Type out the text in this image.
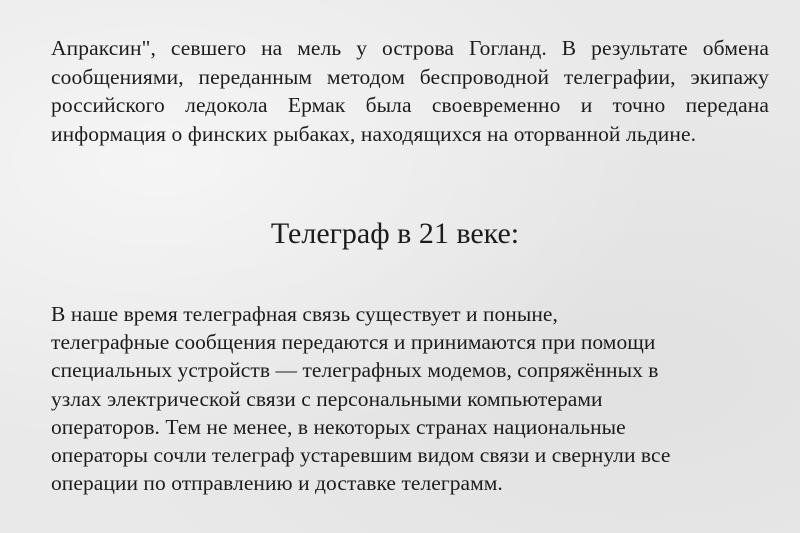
Апраксин", севшего на мель у острова Гогланд. В результате обмена сообщениями, переданным методом беспроводной телеграфии, экипажу российского ледокола Ермак была своевременно и точно передана информация о финских рыбаках, находящихся на оторванной льдине.

Телеграф в 21 веке:

В наше время телеграфная связь существует и поныне,
телеграфные сообщения передаются и принимаются при помощи
специальных устройств — телеграфных модемов, сопряжённых в
узлах электрической связи с персональными компьютерами
операторов. Тем не менее, в некоторых странах национальные
операторы сочли телеграф устаревшим видом связи и свернули все
операции по отправлению и доставке телеграмм.
